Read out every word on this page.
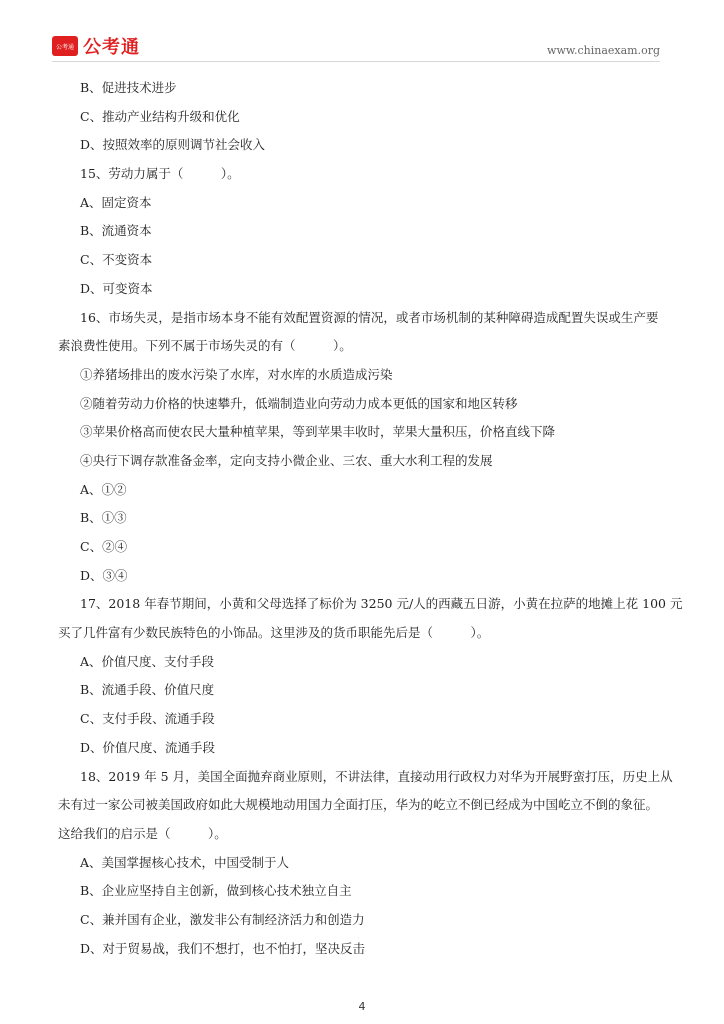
公考通 公考通	www.chinaexam.org
B、促进技术进步
C、推动产业结构升级和优化
D、按照效率的原则调节社会收入
15、劳动力属于（　　　）。
A、固定资本
B、流通资本
C、不变资本
D、可变资本
16、市场失灵，是指市场本身不能有效配置资源的情况，或者市场机制的某种障碍造成配置失误或生产要
素浪费性使用。下列不属于市场失灵的有（　　　）。
①养猪场排出的废水污染了水库，对水库的水质造成污染
②随着劳动力价格的快速攀升，低端制造业向劳动力成本更低的国家和地区转移
③苹果价格高而使农民大量种植苹果，等到苹果丰收时，苹果大量积压，价格直线下降
④央行下调存款准备金率，定向支持小微企业、三农、重大水利工程的发展
A、①②
B、①③
C、②④
D、③④
17、2018 年春节期间，小黄和父母选择了标价为 3250 元/人的西藏五日游，小黄在拉萨的地摊上花 100 元
买了几件富有少数民族特色的小饰品。这里涉及的货币职能先后是（　　　）。
A、价值尺度、支付手段
B、流通手段、价值尺度
C、支付手段、流通手段
D、价值尺度、流通手段
18、2019 年 5 月，美国全面抛弃商业原则，不讲法律，直接动用行政权力对华为开展野蛮打压，历史上从
未有过一家公司被美国政府如此大规模地动用国力全面打压，华为的屹立不倒已经成为中国屹立不倒的象征。
这给我们的启示是（　　　）。
A、美国掌握核心技术，中国受制于人
B、企业应坚持自主创新，做到核心技术独立自主
C、兼并国有企业，激发非公有制经济活力和创造力
D、对于贸易战，我们不想打，也不怕打，坚决反击
4
